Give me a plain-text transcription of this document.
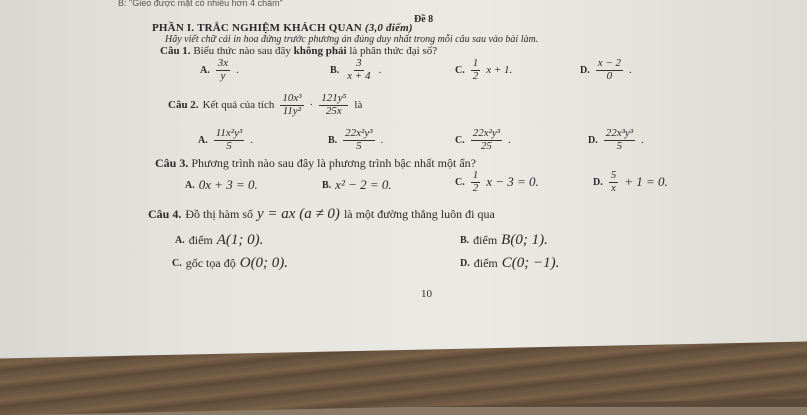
B: "Gieo được mặt có nhiều hơn 4 chấm"
Đề 8
PHẦN I. TRẮC NGHIỆM KHÁCH QUAN (3,0 điểm)
Hãy viết chữ cái in hoa đứng trước phương án đúng duy nhất trong mỗi câu sau vào bài làm.
Câu 1. Biểu thức nào sau đây không phải là phân thức đại số?
A. $\frac{3x}{y}$ .	B. $\frac{3}{x + 4}$ .	C. $\frac{1}{2}$ x + 1.	D. $\frac{x - 2}{0}$ .
Câu 2. Kết quả của tích $\frac{\text{10x³}}{\text{11y²}} \cdot \frac{\text{121y⁵}}{25x}$ là
A. $\frac{\text{11x²y³}}{5}$ .	B. $\frac{\text{22x²y³}}{5}$ .	C. $\frac{\text{22x²y³}}{25}$ .	D. $\frac{\text{22x³y³}}{5}$ .
Câu 3. Phương trình nào sau đây là phương trình bậc nhất một ẩn?
A. 0x + 3 = 0.	B. x² − 2 = 0.	C. $\frac{1}{2}$ x − 3 = 0.	D. $\frac{5}{x} + 1 = 0$.
Câu 4. Đồ thị hàm số y = ax (a ≠ 0) là một đường thẳng luôn đi qua
A. điểm A(1; 0).	B. điểm B(0; 1).
C. gốc tọa độ O(0; 0).	D. điểm C(0; −1).
10
